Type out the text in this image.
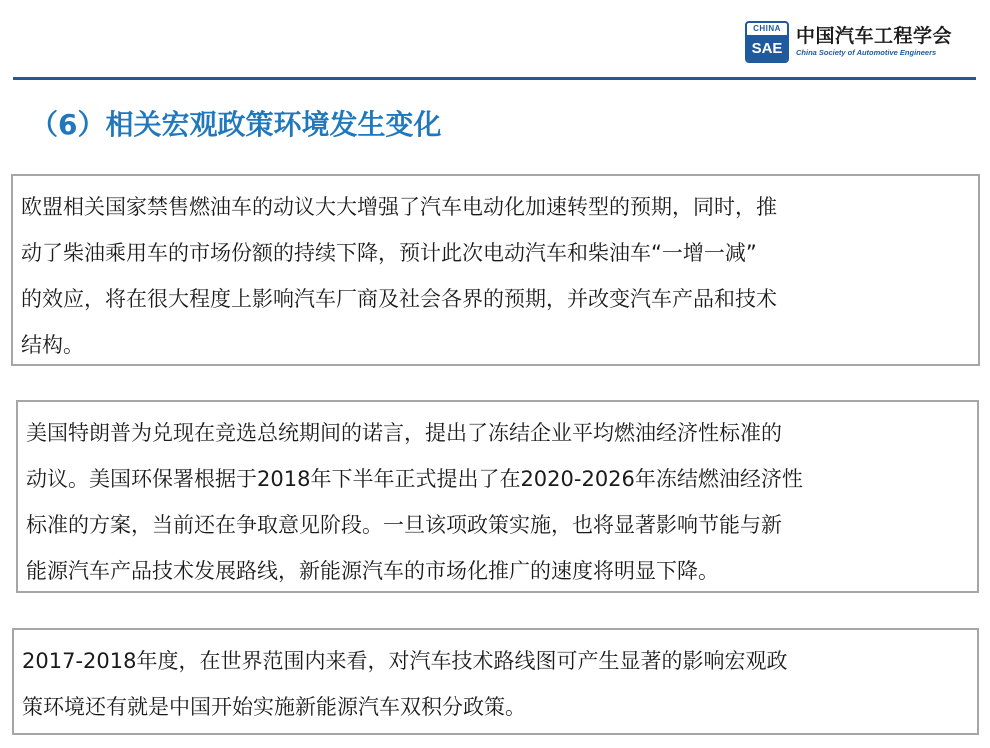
CHINA
SAE
中国汽车工程学会
China Society of Automotive Engineers
（6）相关宏观政策环境发生变化

欧盟相关国家禁售燃油车的动议大大增强了汽车电动化加速转型的预期，同时，推

动了柴油乘用车的市场份额的持续下降，预计此次电动汽车和柴油车“一增一减”

的效应，将在很大程度上影响汽车厂商及社会各界的预期，并改变汽车产品和技术

结构。

美国特朗普为兑现在竞选总统期间的诺言，提出了冻结企业平均燃油经济性标准的

动议。美国环保署根据于2018年下半年正式提出了在2020-2026年冻结燃油经济性

标准的方案，当前还在争取意见阶段。一旦该项政策实施，也将显著影响节能与新

能源汽车产品技术发展路线，新能源汽车的市场化推广的速度将明显下降。

2017-2018年度，在世界范围内来看，对汽车技术路线图可产生显著的影响宏观政

策环境还有就是中国开始实施新能源汽车双积分政策。
